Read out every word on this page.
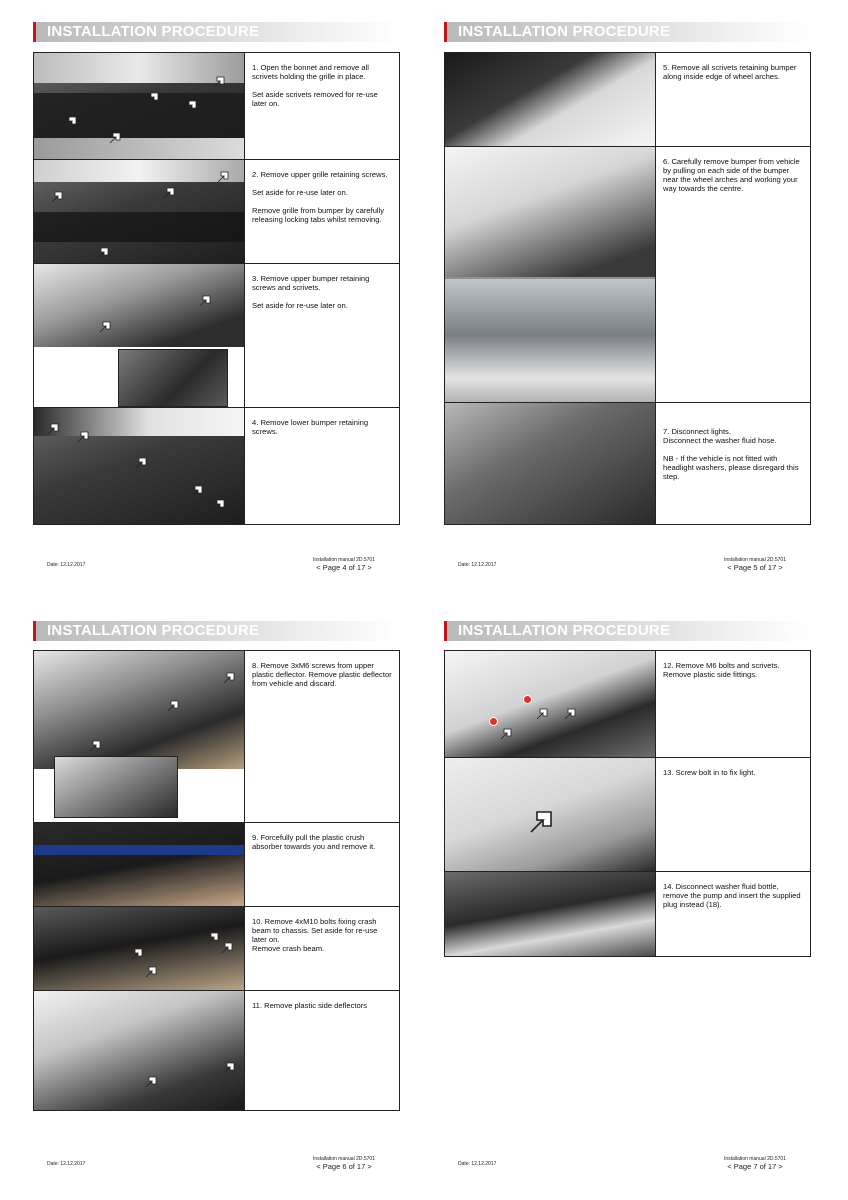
INSTALLATION PROCEDURE

1. Open the bonnet and remove all scrivets holding the grille in place.

Set aside scrivets removed for re-use later on.

2. Remove upper grille retaining screws.

Set aside for re-use later on.

Remove grille from bumper by carefully releasing locking tabs whilst removing.

3. Remove upper bumper retaining screws and scrivets.

Set aside for re-use later on.

4. Remove lower bumper retaining screws.

Date: 12.12.2017
Installation manual 2D.5701
< Page 4 of 17 >
INSTALLATION PROCEDURE

5. Remove all scrivets retaining bumper along inside edge of wheel arches.

6. Carefully remove bumper from vehicle by pulling on each side of the bumper near the wheel arches and working your way towards the centre.

7. Disconnect lights.
Disconnect the washer fluid hose.

NB - If the vehicle is not fitted with headlight washers, please disregard this step.

Date: 12.12.2017
Installation manual 2D.5701
< Page 5 of 17 >
INSTALLATION PROCEDURE

8. Remove 3xM6 screws from upper plastic deflector. Remove plastic deflector from vehicle and discard.

9. Forcefully pull the plastic crush absorber towards you and remove it.

10. Remove 4xM10 bolts fixing crash beam to chassis. Set aside for re-use later on.
Remove crash beam.

11. Remove plastic side deflectors

Date: 12.12.2017
Installation manual 2D.5701
< Page 6 of 17 >
INSTALLATION PROCEDURE

12. Remove M6 bolts and scrivets. Remove plastic side fittings.

13. Screw bolt in to fix light.

14. Disconnect washer fluid bottle, remove the pump and insert the supplied plug instead (18).

Date: 12.12.2017
Installation manual 2D.5701
< Page 7 of 17 >
